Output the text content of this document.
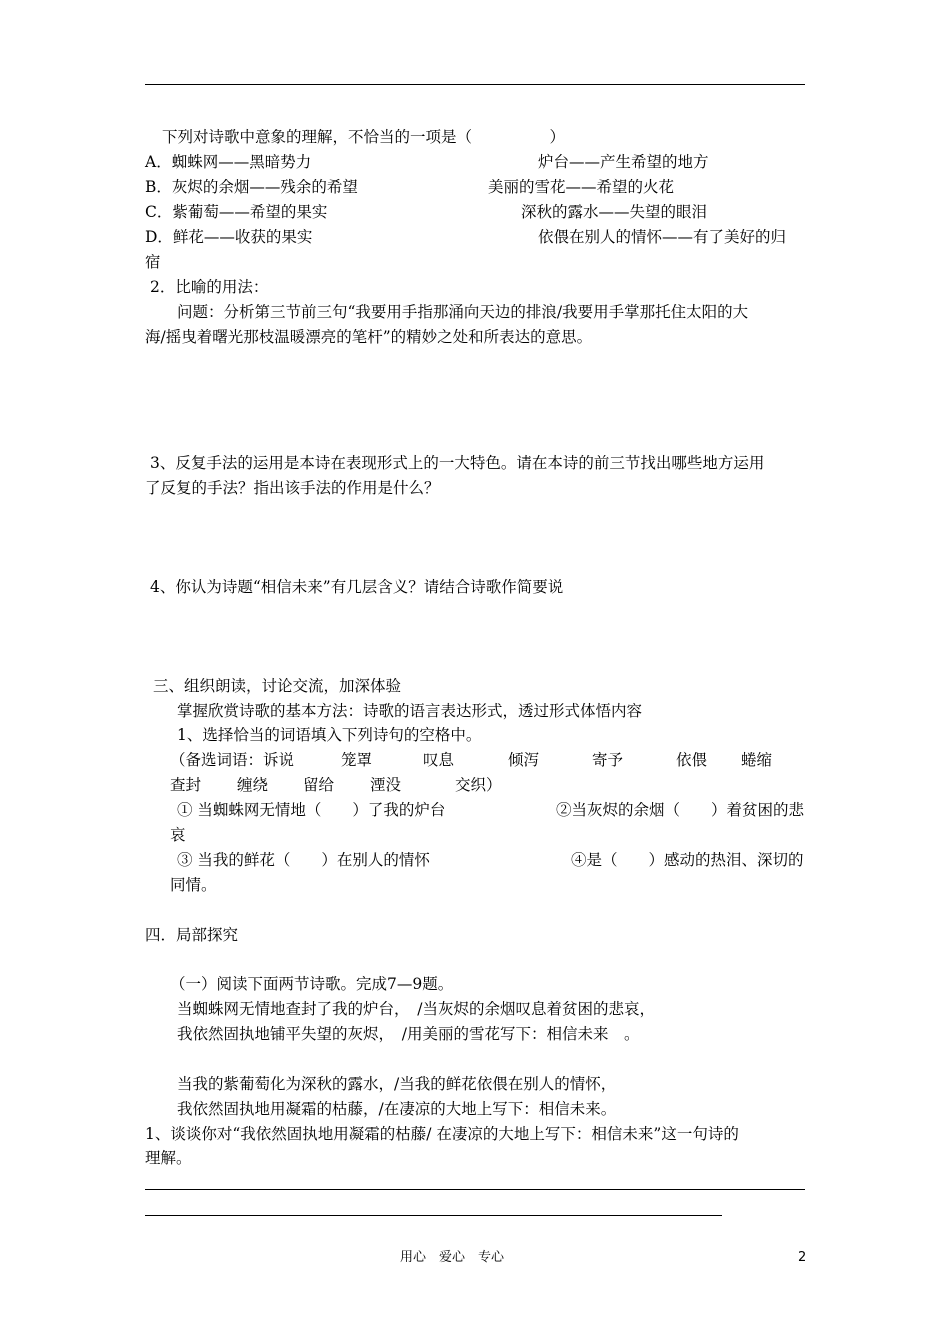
下列对诗歌中意象的理解，不恰当的一项是（　　　　　）
A．蜘蛛网——黑暗势力	炉台——产生希望的地方
B．灰烬的余烟——残余的希望	美丽的雪花——希望的火花
C．紫葡萄——希望的果实	深秋的露水——失望的眼泪
D．鲜花——收获的果实	依偎在别人的情怀——有了美好的归
宿
2．比喻的用法：
问题：分析第三节前三句“我要用手指那涌向天边的排浪/我要用手掌那托住太阳的大
海/摇曳着曙光那枝温暖漂亮的笔杆”的精妙之处和所表达的意思。
3、反复手法的运用是本诗在表现形式上的一大特色。请在本诗的前三节找出哪些地方运用
了反复的手法？指出该手法的作用是什么？
4、你认为诗题“相信未来”有几层含义？请结合诗歌作简要说
三、组织朗读，讨论交流，加深体验
掌握欣赏诗歌的基本方法：诗歌的语言表达形式，透过形式体悟内容
1、选择恰当的词语填入下列诗句的空格中。
（备选词语：诉说	笼罩	叹息	倾泻	寄予	依偎 蜷缩
查封 缠绕 留给 湮没	交织）
① 当蜘蛛网无情地（　　）了我的炉台	②当灰烬的余烟（　　）着贫困的悲
哀
③ 当我的鲜花（　　）在别人的情怀	④是（　　）感动的热泪、深切的
同情。
四．局部探究
（一）阅读下面两节诗歌。完成7—9题。
当蜘蛛网无情地查封了我的炉台，　/当灰烬的余烟叹息着贫困的悲哀，
我依然固执地铺平失望的灰烬，　/用美丽的雪花写下：相信未来　。
当我的紫葡萄化为深秋的露水，/当我的鲜花依偎在别人的情怀，
我依然固执地用凝霜的枯藤，/在凄凉的大地上写下：相信未来。
1、谈谈你对“我依然固执地用凝霜的枯藤/ 在凄凉的大地上写下：相信未来”这一句诗的
理解。
用心　爱心　专心	2
